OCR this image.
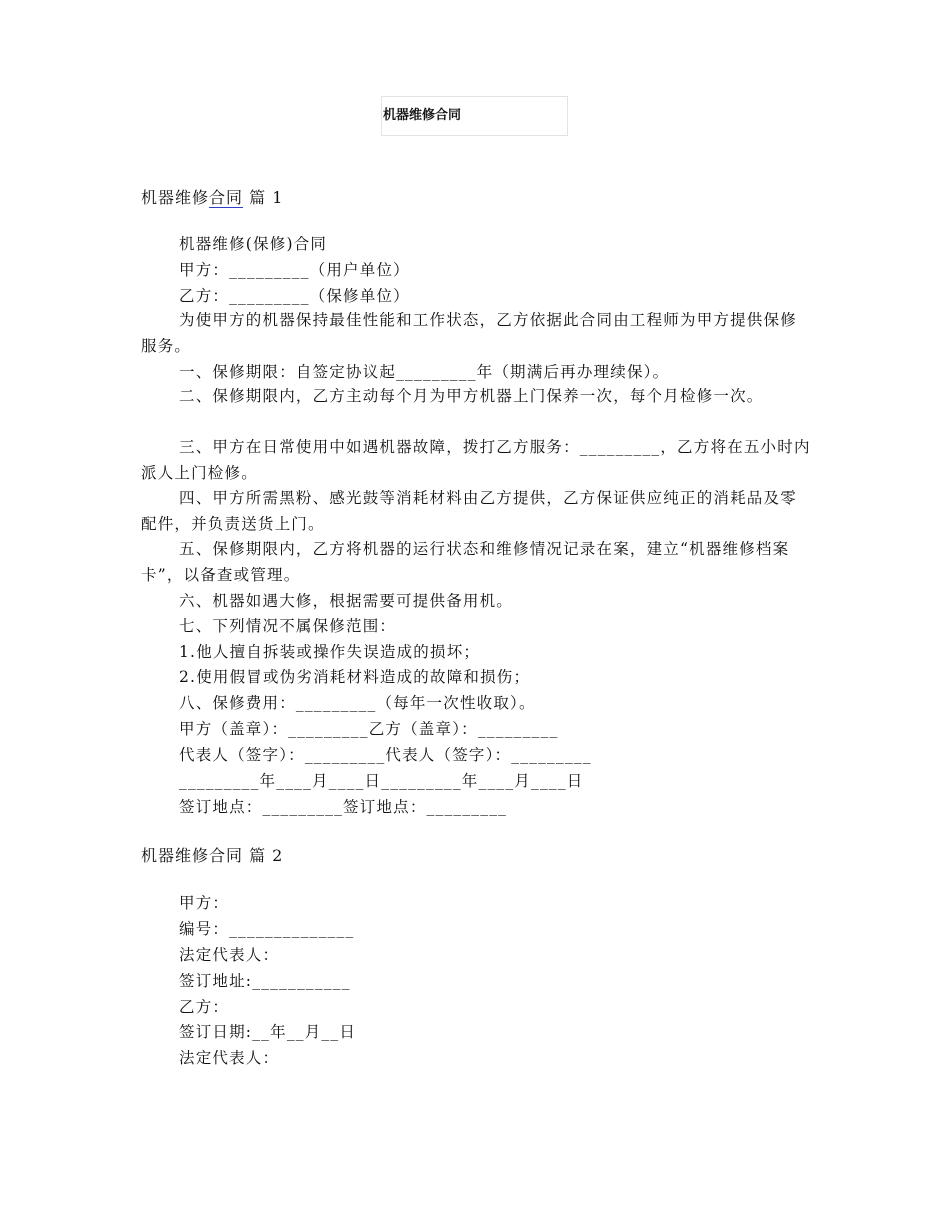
机器维修合同
机器维修合同 篇 1
机器维修(保修)合同
甲方：_________（用户单位）
乙方：_________（保修单位）
为使甲方的机器保持最佳性能和工作状态，乙方依据此合同由工程师为甲方提供保修服务。
一、保修期限：自签定协议起_________年（期满后再办理续保）。
二、保修期限内，乙方主动每个月为甲方机器上门保养一次，每个月检修一次。
三、甲方在日常使用中如遇机器故障，拨打乙方服务：_________，乙方将在五小时内派人上门检修。
四、甲方所需黑粉、感光鼓等消耗材料由乙方提供，乙方保证供应纯正的消耗品及零配件，并负责送货上门。
五、保修期限内，乙方将机器的运行状态和维修情况记录在案，建立“机器维修档案卡”，以备查或管理。
六、机器如遇大修，根据需要可提供备用机。
七、下列情况不属保修范围：
1.他人擅自拆装或操作失误造成的损坏；
2.使用假冒或伪劣消耗材料造成的故障和损伤；
八、保修费用：_________（每年一次性收取）。
甲方（盖章）：_________乙方（盖章）：_________
代表人（签字）：_________代表人（签字）：_________
_________年____月____日_________年____月____日
签订地点：_________签订地点：_________
机器维修合同 篇 2
甲方：
编号：______________
法定代表人：
签订地址:___________
乙方：
签订日期:__年__月__日
法定代表人：
